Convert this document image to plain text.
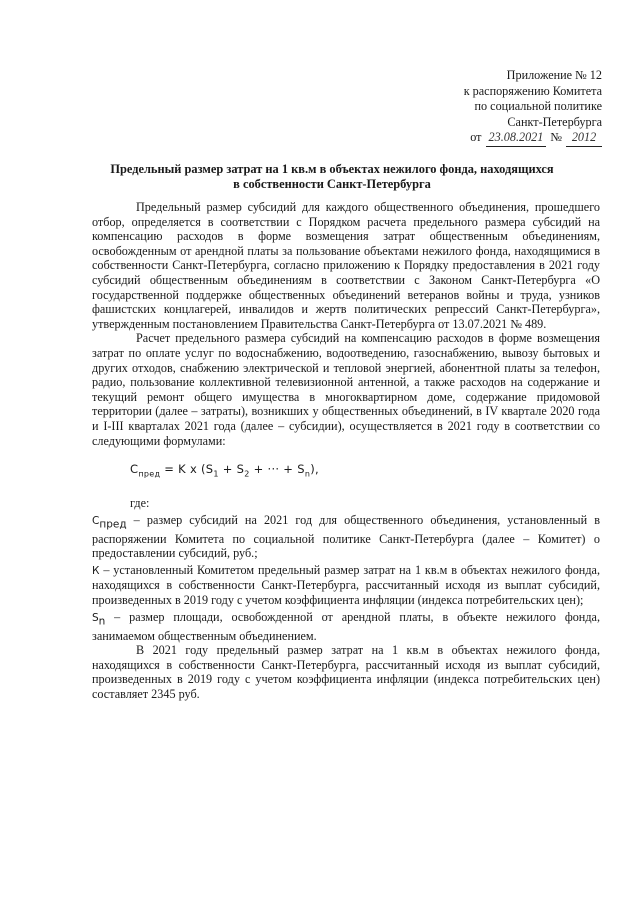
Приложение № 12
к распоряжению Комитета
по социальной политике
Санкт-Петербурга
от 23.08.2021 № 2012
Предельный размер затрат на 1 кв.м в объектах нежилого фонда, находящихся
в собственности Санкт-Петербурга

Предельный размер субсидий для каждого общественного объединения, прошедшего отбор, определяется в соответствии с Порядком расчета предельного размера субсидий на компенсацию расходов в форме возмещения затрат общественным объединениям, освобожденным от арендной платы за пользование объектами нежилого фонда, находящимися в собственности Санкт-Петербурга, согласно приложению к Порядку предоставления в 2021 году субсидий общественным объединениям в соответствии с Законом Санкт-Петербурга «О государственной поддержке общественных объединений ветеранов войны и труда, узников фашистских концлагерей, инвалидов и жертв политических репрессий Санкт-Петербурга», утвержденным постановлением Правительства Санкт-Петербурга от 13.07.2021 № 489.

Расчет предельного размера субсидий на компенсацию расходов в форме возмещения затрат по оплате услуг по водоснабжению, водоотведению, газоснабжению, вывозу бытовых и других отходов, снабжению электрической и тепловой энергией, абонентной платы за телефон, радио, пользование коллективной телевизионной антенной, а также расходов на содержание и текущий ремонт общего имущества в многоквартирном доме, содержание придомовой территории (далее – затраты), возникших у общественных объединений, в IV квартале 2020 года и I-III кварталах 2021 года (далее – субсидии), осуществляется в 2021 году в соответствии со следующими формулами:

$С_{пред} = K$ x ($S_1 + S_2$ + ··· + $S_n$),
где:

$С_{пред}$ – размер субсидий на 2021 год для общественного объединения, установленный в распоряжении Комитета по социальной политике Санкт-Петербурга (далее – Комитет) о предоставлении субсидий, руб.;

К – установленный Комитетом предельный размер затрат на 1 кв.м в объектах нежилого фонда, находящихся в собственности Санкт-Петербурга, рассчитанный исходя из выплат субсидий, произведенных в 2019 году с учетом коэффициента инфляции (индекса потребительских цен);

$S_n$ – размер площади, освобожденной от арендной платы, в объекте нежилого фонда, занимаемом общественным объединением.

В 2021 году предельный размер затрат на 1 кв.м в объектах нежилого фонда, находящихся в собственности Санкт-Петербурга, рассчитанный исходя из выплат субсидий, произведенных в 2019 году с учетом коэффициента инфляции (индекса потребительских цен) составляет 2345 руб.
